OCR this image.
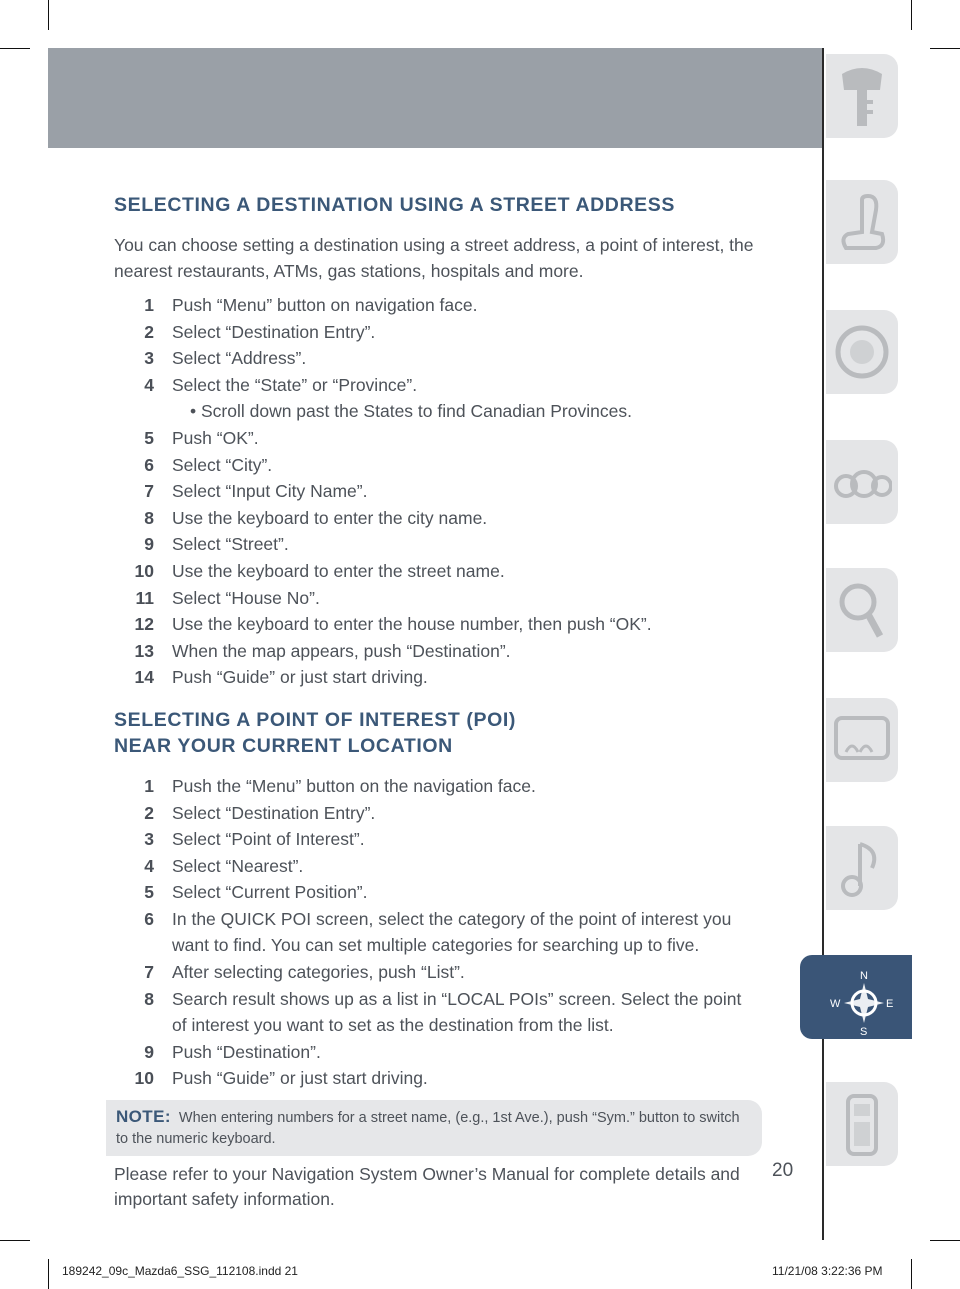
N
E
S
W
SELECTING A DESTINATION USING A STREET ADDRESS

You can choose setting a destination using a street address, a point of interest, the nearest restaurants, ATMs, gas stations, hospitals and more.

1 Push “Menu” button on navigation face.
2 Select “Destination Entry”.
3 Select “Address”.
4 Select the “State” or “Province”.
• Scroll down past the States to find Canadian Provinces.
5 Push “OK”.
6 Select “City”.
7 Select “Input City Name”.
8 Use the keyboard to enter the city name.
9 Select “Street”.
10 Use the keyboard to enter the street name.
11 Select “House No”.
12 Use the keyboard to enter the house number, then push “OK”.
13 When the map appears, push “Destination”.
14 Push “Guide” or just start driving.
SELECTING A POINT OF INTEREST (POI)
NEAR YOUR CURRENT LOCATION
1 Push the “Menu” button on the navigation face.
2 Select “Destination Entry”.
3 Select “Point of Interest”.
4 Select “Nearest”.
5 Select “Current Position”.
6 In the QUICK POI screen, select the category of the point of interest you want to find. You can set multiple categories for searching up to five.
7 After selecting categories, push “List”.
8 Search result shows up as a list in “LOCAL POIs” screen. Select the point of interest you want to set as the destination from the list.
9 Push “Destination”.
10 Push “Guide” or just start driving.
NOTE: When entering numbers for a street name, (e.g., 1st Ave.), push “Sym.” button to switch to the numeric keyboard.

Please refer to your Navigation System Owner’s Manual for complete details and important safety information.

20
189242_09c_Mazda6_SSG_112108.indd 21	11/21/08 3:22:36 PM
